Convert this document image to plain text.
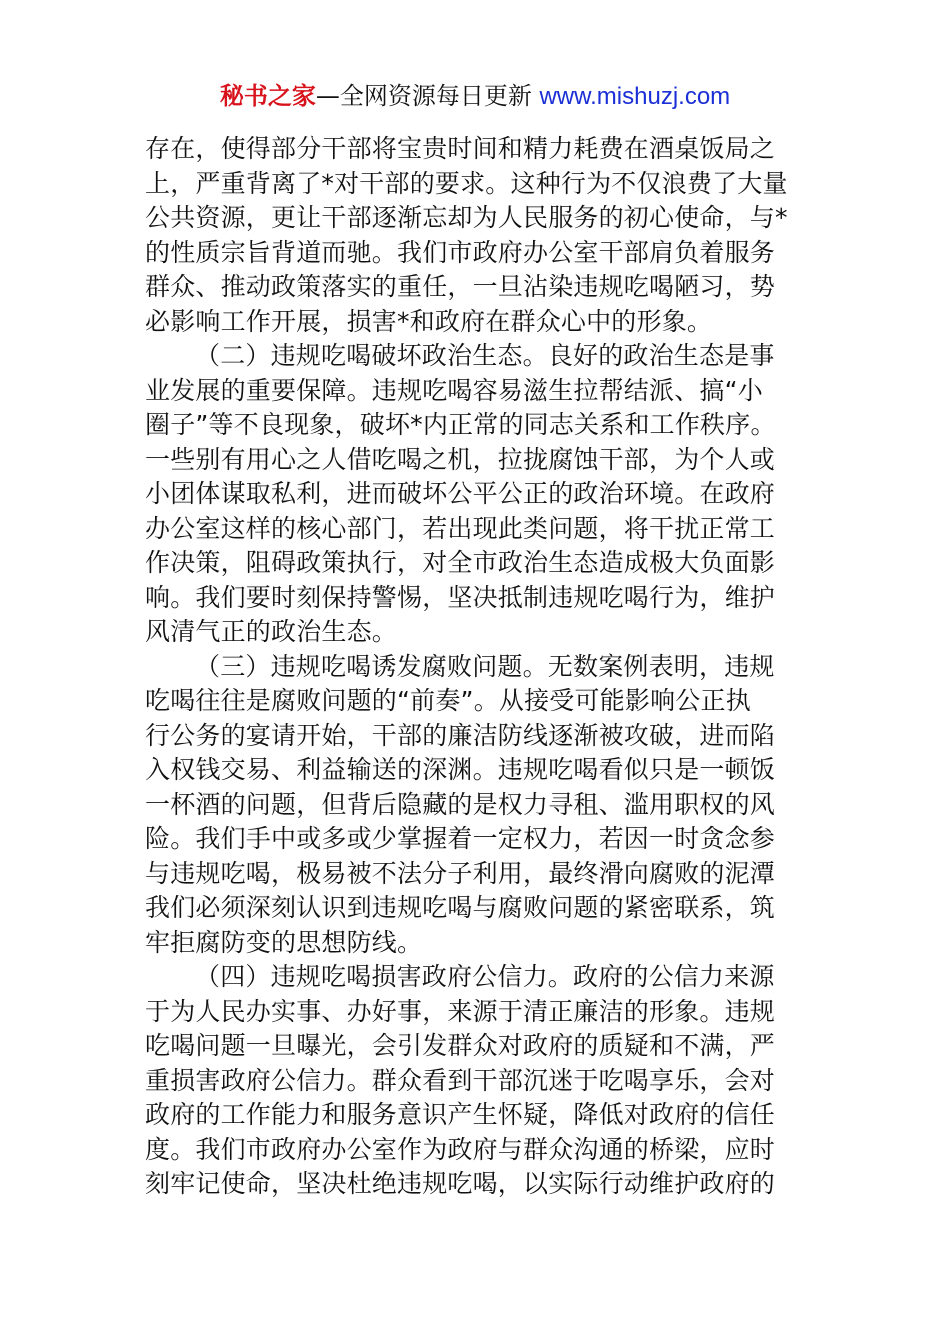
秘书之家—全网资源每日更新 www.mishuzj.com
存在，使得部分干部将宝贵时间和精力耗费在酒桌饭局之
上，严重背离了*对干部的要求。这种行为不仅浪费了大量
公共资源，更让干部逐渐忘却为人民服务的初心使命，与*
的性质宗旨背道而驰。我们市政府办公室干部肩负着服务
群众、推动政策落实的重任，一旦沾染违规吃喝陋习，势
必影响工作开展，损害*和政府在群众心中的形象。
（二）违规吃喝破坏政治生态。良好的政治生态是事
业发展的重要保障。违规吃喝容易滋生拉帮结派、搞“小
圈子”等不良现象，破坏*内正常的同志关系和工作秩序。
一些别有用心之人借吃喝之机，拉拢腐蚀干部，为个人或
小团体谋取私利，进而破坏公平公正的政治环境。在政府
办公室这样的核心部门，若出现此类问题，将干扰正常工
作决策，阻碍政策执行，对全市政治生态造成极大负面影
响。我们要时刻保持警惕，坚决抵制违规吃喝行为，维护
风清气正的政治生态。
（三）违规吃喝诱发腐败问题。无数案例表明，违规
吃喝往往是腐败问题的“前奏”。从接受可能影响公正执
行公务的宴请开始，干部的廉洁防线逐渐被攻破，进而陷
入权钱交易、利益输送的深渊。违规吃喝看似只是一顿饭
一杯酒的问题，但背后隐藏的是权力寻租、滥用职权的风
险。我们手中或多或少掌握着一定权力，若因一时贪念参
与违规吃喝，极易被不法分子利用，最终滑向腐败的泥潭
我们必须深刻认识到违规吃喝与腐败问题的紧密联系，筑
牢拒腐防变的思想防线。
（四）违规吃喝损害政府公信力。政府的公信力来源
于为人民办实事、办好事，来源于清正廉洁的形象。违规
吃喝问题一旦曝光，会引发群众对政府的质疑和不满，严
重损害政府公信力。群众看到干部沉迷于吃喝享乐，会对
政府的工作能力和服务意识产生怀疑，降低对政府的信任
度。我们市政府办公室作为政府与群众沟通的桥梁，应时
刻牢记使命，坚决杜绝违规吃喝，以实际行动维护政府的
